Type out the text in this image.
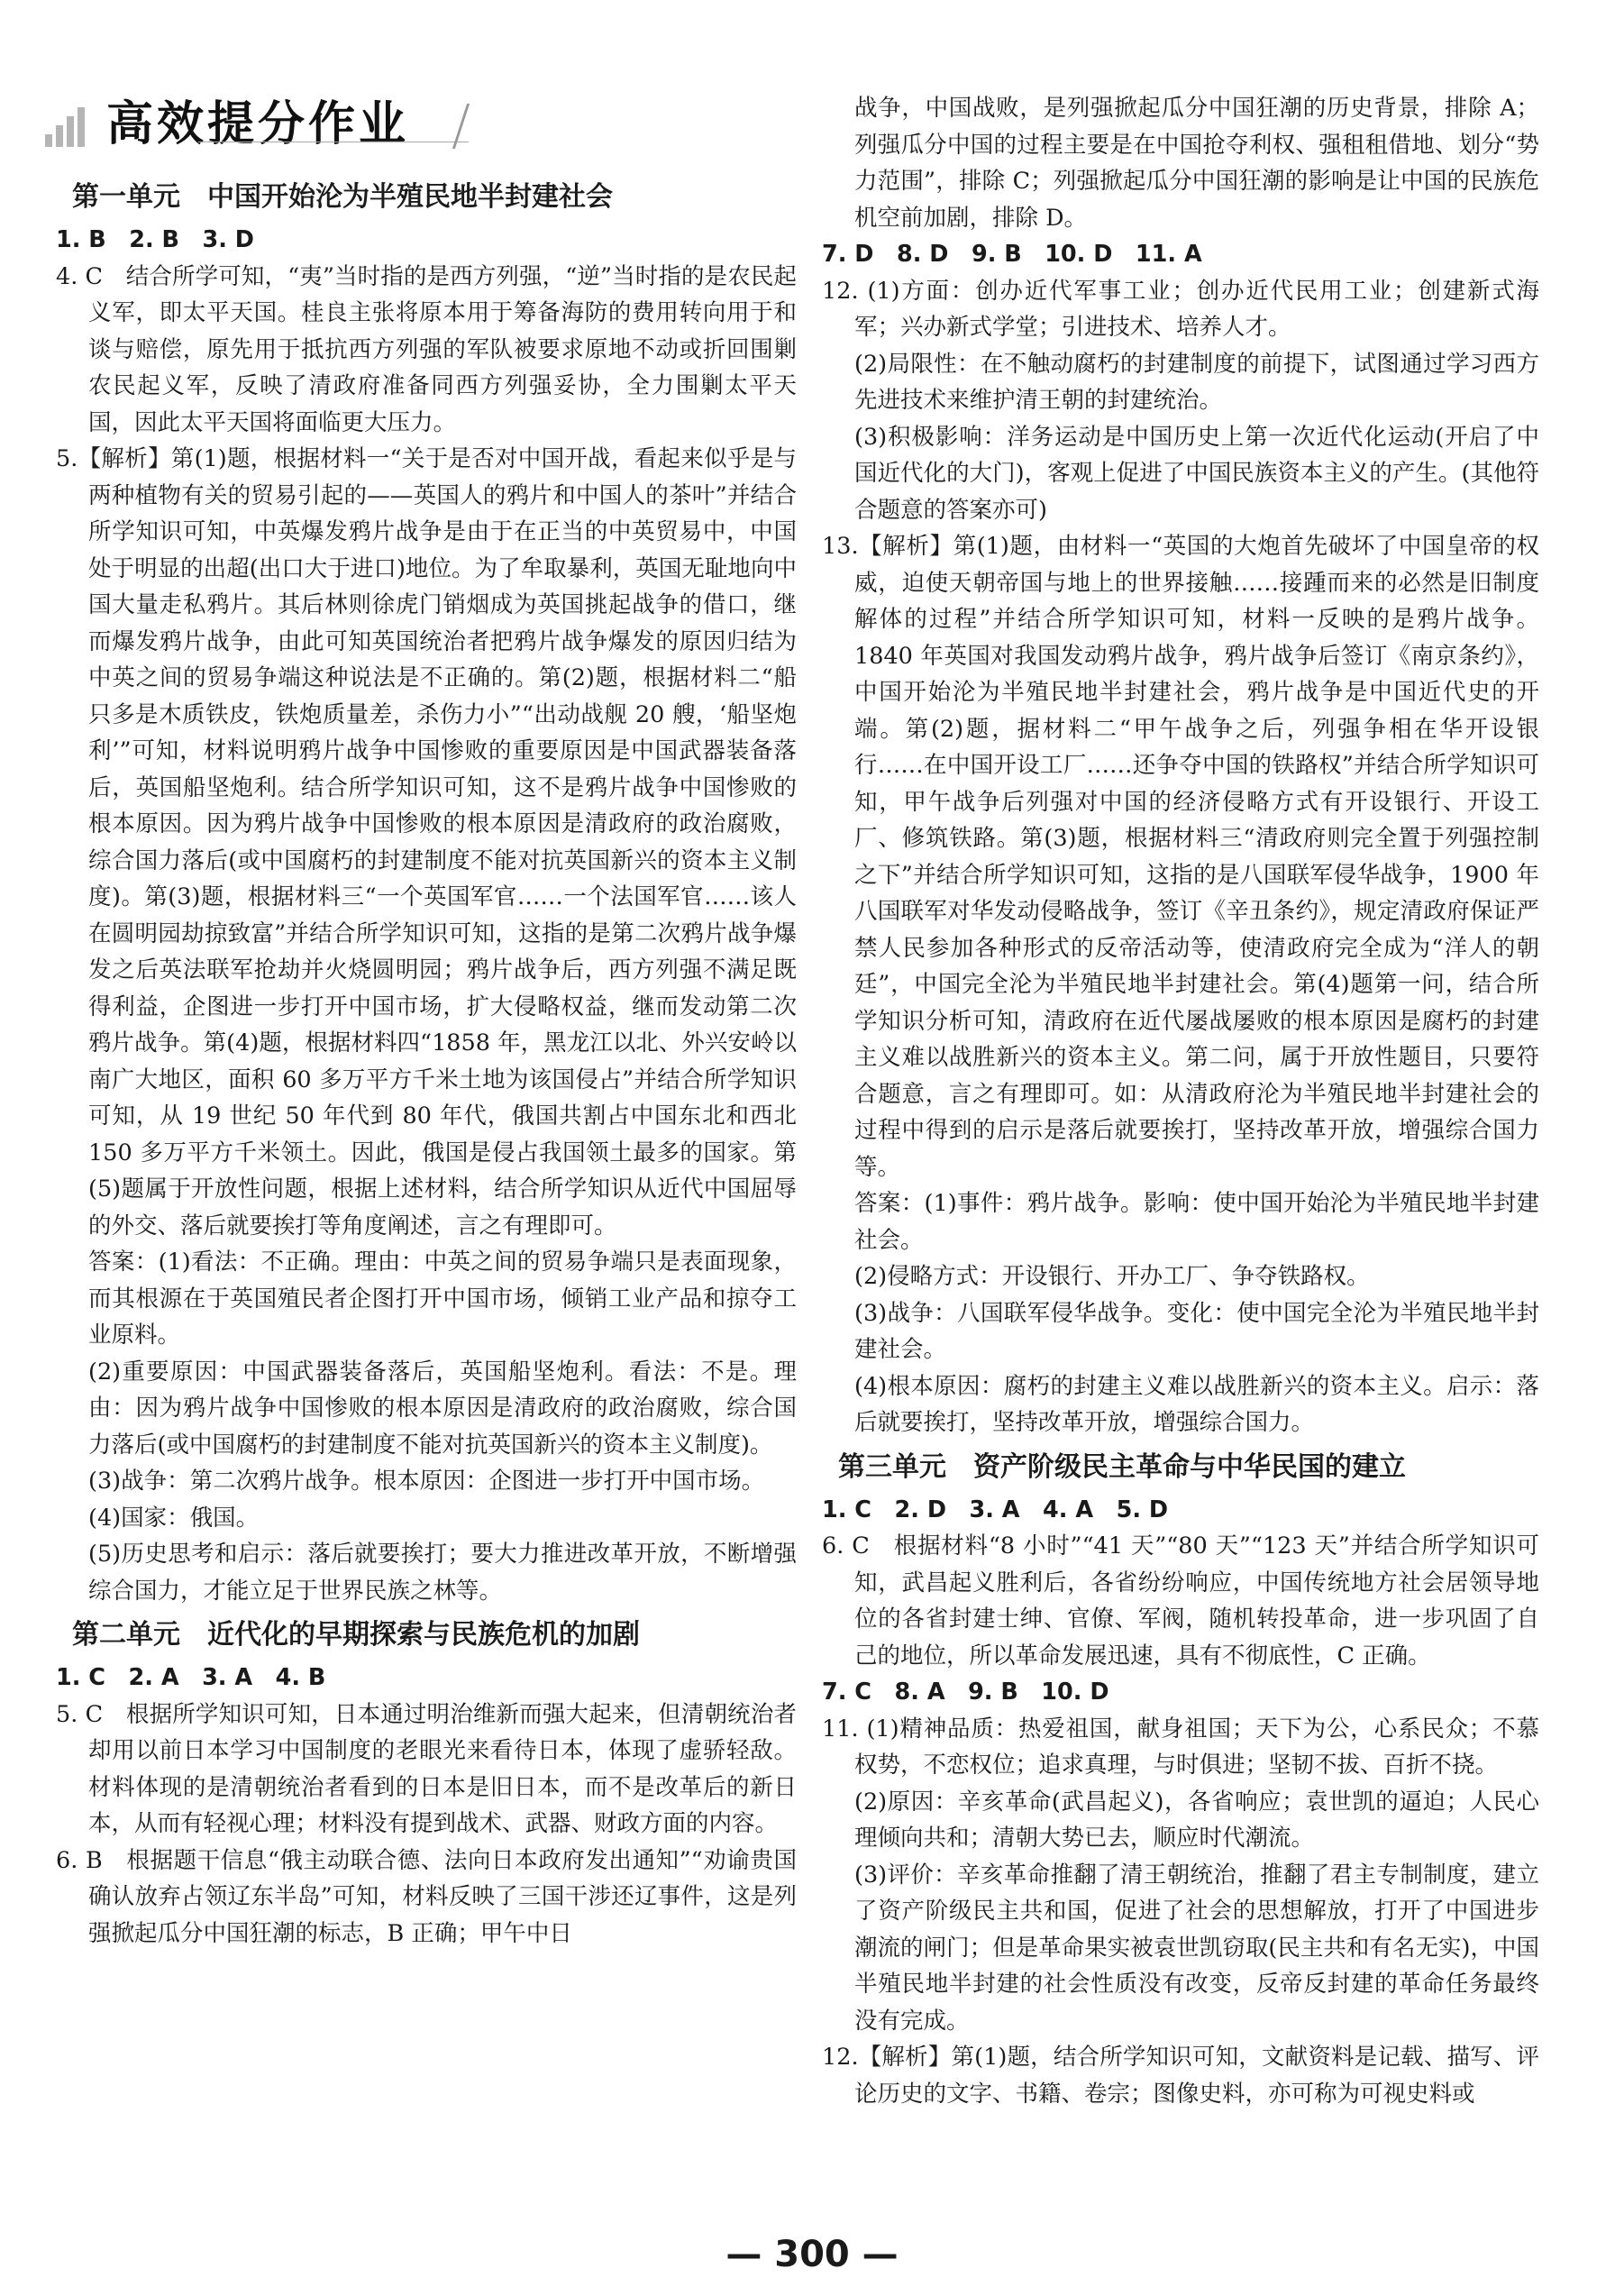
高效提分作业
第一单元　中国开始沦为半殖民地半封建社会

1. B　2. B　3. D

4. C　结合所学可知，“夷”当时指的是西方列强，“逆”当时指的是农民起义军，即太平天国。桂良主张将原本用于筹备海防的费用转向用于和谈与赔偿，原先用于抵抗西方列强的军队被要求原地不动或折回围剿农民起义军，反映了清政府准备同西方列强妥协，全力围剿太平天国，因此太平天国将面临更大压力。

5.【解析】第(1)题，根据材料一“关于是否对中国开战，看起来似乎是与两种植物有关的贸易引起的——英国人的鸦片和中国人的茶叶”并结合所学知识可知，中英爆发鸦片战争是由于在正当的中英贸易中，中国处于明显的出超(出口大于进口)地位。为了牟取暴利，英国无耻地向中国大量走私鸦片。其后林则徐虎门销烟成为英国挑起战争的借口，继而爆发鸦片战争，由此可知英国统治者把鸦片战争爆发的原因归结为中英之间的贸易争端这种说法是不正确的。第(2)题，根据材料二“船只多是木质铁皮，铁炮质量差，杀伤力小”“出动战舰 20 艘，‘船坚炮利’”可知，材料说明鸦片战争中国惨败的重要原因是中国武器装备落后，英国船坚炮利。结合所学知识可知，这不是鸦片战争中国惨败的根本原因。因为鸦片战争中国惨败的根本原因是清政府的政治腐败，综合国力落后(或中国腐朽的封建制度不能对抗英国新兴的资本主义制度)。第(3)题，根据材料三“一个英国军官……一个法国军官……该人在圆明园劫掠致富”并结合所学知识可知，这指的是第二次鸦片战争爆发之后英法联军抢劫并火烧圆明园；鸦片战争后，西方列强不满足既得利益，企图进一步打开中国市场，扩大侵略权益，继而发动第二次鸦片战争。第(4)题，根据材料四“1858 年，黑龙江以北、外兴安岭以南广大地区，面积 60 多万平方千米土地为该国侵占”并结合所学知识可知，从 19 世纪 50 年代到 80 年代，俄国共割占中国东北和西北 150 多万平方千米领土。因此，俄国是侵占我国领土最多的国家。第(5)题属于开放性问题，根据上述材料，结合所学知识从近代中国屈辱的外交、落后就要挨打等角度阐述，言之有理即可。

答案：(1)看法：不正确。理由：中英之间的贸易争端只是表面现象，而其根源在于英国殖民者企图打开中国市场，倾销工业产品和掠夺工业原料。

(2)重要原因：中国武器装备落后，英国船坚炮利。看法：不是。理由：因为鸦片战争中国惨败的根本原因是清政府的政治腐败，综合国力落后(或中国腐朽的封建制度不能对抗英国新兴的资本主义制度)。

(3)战争：第二次鸦片战争。根本原因：企图进一步打开中国市场。

(4)国家：俄国。

(5)历史思考和启示：落后就要挨打；要大力推进改革开放，不断增强综合国力，才能立足于世界民族之林等。

第二单元　近代化的早期探索与民族危机的加剧

1. C　2. A　3. A　4. B

5. C　根据所学知识可知，日本通过明治维新而强大起来，但清朝统治者却用以前日本学习中国制度的老眼光来看待日本，体现了虚骄轻敌。材料体现的是清朝统治者看到的日本是旧日本，而不是改革后的新日本，从而有轻视心理；材料没有提到战术、武器、财政方面的内容。

6. B　根据题干信息“俄主动联合德、法向日本政府发出通知”“劝谕贵国确认放弃占领辽东半岛”可知，材料反映了三国干涉还辽事件，这是列强掀起瓜分中国狂潮的标志，B 正确；甲午中日

战争，中国战败，是列强掀起瓜分中国狂潮的历史背景，排除 A；列强瓜分中国的过程主要是在中国抢夺利权、强租租借地、划分“势力范围”，排除 C；列强掀起瓜分中国狂潮的影响是让中国的民族危机空前加剧，排除 D。

7. D　8. D　9. B　10. D　11. A

12. (1)方面：创办近代军事工业；创办近代民用工业；创建新式海军；兴办新式学堂；引进技术、培养人才。

(2)局限性：在不触动腐朽的封建制度的前提下，试图通过学习西方先进技术来维护清王朝的封建统治。

(3)积极影响：洋务运动是中国历史上第一次近代化运动(开启了中国近代化的大门)，客观上促进了中国民族资本主义的产生。(其他符合题意的答案亦可)

13.【解析】第(1)题，由材料一“英国的大炮首先破坏了中国皇帝的权威，迫使天朝帝国与地上的世界接触……接踵而来的必然是旧制度解体的过程”并结合所学知识可知，材料一反映的是鸦片战争。1840 年英国对我国发动鸦片战争，鸦片战争后签订《南京条约》，中国开始沦为半殖民地半封建社会，鸦片战争是中国近代史的开端。第(2)题，据材料二“甲午战争之后，列强争相在华开设银行……在中国开设工厂……还争夺中国的铁路权”并结合所学知识可知，甲午战争后列强对中国的经济侵略方式有开设银行、开设工厂、修筑铁路。第(3)题，根据材料三“清政府则完全置于列强控制之下”并结合所学知识可知，这指的是八国联军侵华战争，1900 年八国联军对华发动侵略战争，签订《辛丑条约》，规定清政府保证严禁人民参加各种形式的反帝活动等，使清政府完全成为“洋人的朝廷”，中国完全沦为半殖民地半封建社会。第(4)题第一问，结合所学知识分析可知，清政府在近代屡战屡败的根本原因是腐朽的封建主义难以战胜新兴的资本主义。第二问，属于开放性题目，只要符合题意，言之有理即可。如：从清政府沦为半殖民地半封建社会的过程中得到的启示是落后就要挨打，坚持改革开放，增强综合国力等。

答案：(1)事件：鸦片战争。影响：使中国开始沦为半殖民地半封建社会。

(2)侵略方式：开设银行、开办工厂、争夺铁路权。

(3)战争：八国联军侵华战争。变化：使中国完全沦为半殖民地半封建社会。

(4)根本原因：腐朽的封建主义难以战胜新兴的资本主义。启示：落后就要挨打，坚持改革开放，增强综合国力。

第三单元　资产阶级民主革命与中华民国的建立

1. C　2. D　3. A　4. A　5. D

6. C　根据材料“8 小时”“41 天”“80 天”“123 天”并结合所学知识可知，武昌起义胜利后，各省纷纷响应，中国传统地方社会居领导地位的各省封建士绅、官僚、军阀，随机转投革命，进一步巩固了自己的地位，所以革命发展迅速，具有不彻底性，C 正确。

7. C　8. A　9. B　10. D

11. (1)精神品质：热爱祖国，献身祖国；天下为公，心系民众；不慕权势，不恋权位；追求真理，与时俱进；坚韧不拔、百折不挠。

(2)原因：辛亥革命(武昌起义)，各省响应；袁世凯的逼迫；人民心理倾向共和；清朝大势已去，顺应时代潮流。

(3)评价：辛亥革命推翻了清王朝统治，推翻了君主专制制度，建立了资产阶级民主共和国，促进了社会的思想解放，打开了中国进步潮流的闸门；但是革命果实被袁世凯窃取(民主共和有名无实)，中国半殖民地半封建的社会性质没有改变，反帝反封建的革命任务最终没有完成。

12.【解析】第(1)题，结合所学知识可知，文献资料是记载、描写、评论历史的文字、书籍、卷宗；图像史料，亦可称为可视史料或

— 300 —
